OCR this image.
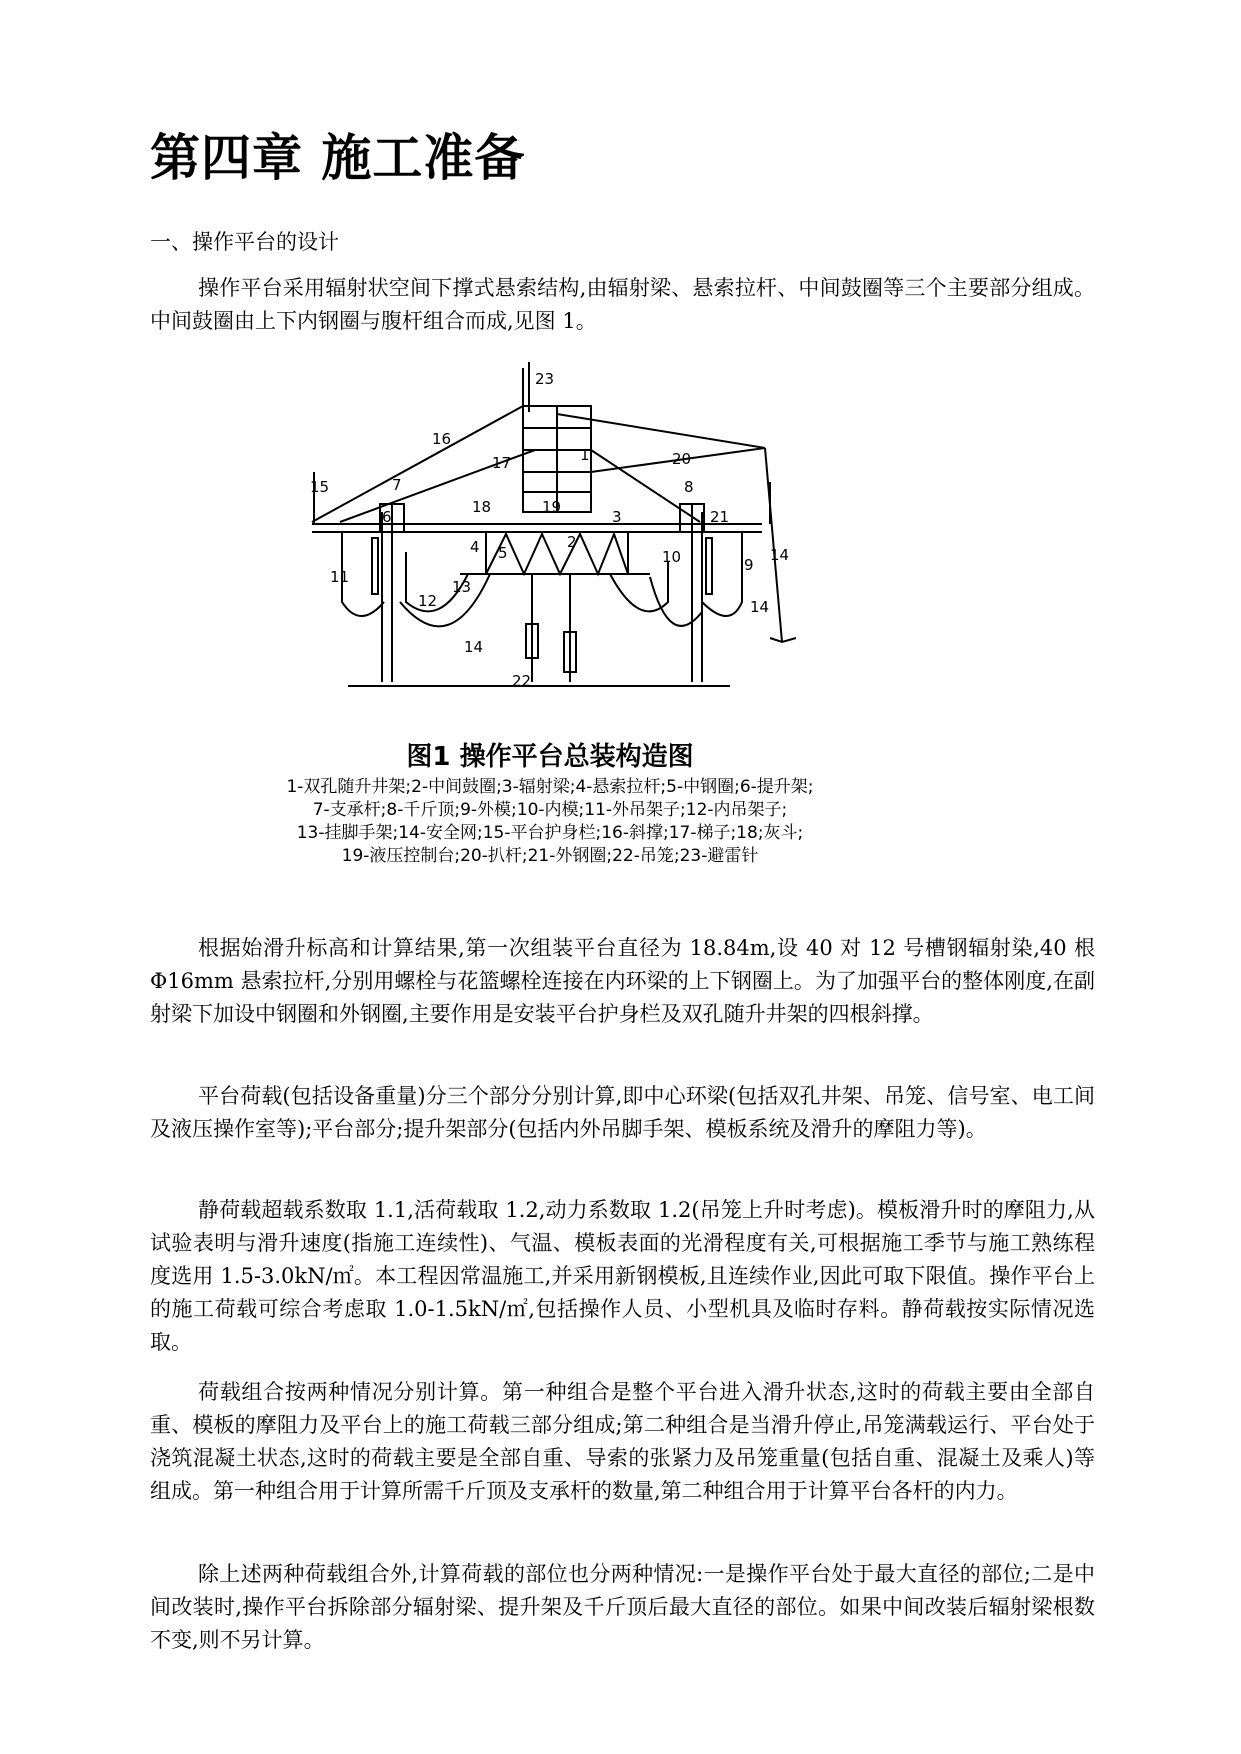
第四章 施工准备

一、操作平台的设计

操作平台采用辐射状空间下撑式悬索结构,由辐射梁、悬索拉杆、中间鼓圈等三个主要部分组成。中间鼓圈由上下内钢圈与腹杆组合而成,见图 1。

23
1
2
3
4 5
6
7	8
9
10
11
12
13
14
14
14
15
16
17
18	19
20
21
22

图1 操作平台总装构造图

1-双孔随升井架;2-中间鼓圈;3-辐射梁;4-悬索拉杆;5-中钢圈;6-提升架;

7-支承杆;8-千斤顶;9-外模;10-内模;11-外吊架子;12-内吊架子;

13-挂脚手架;14-安全网;15-平台护身栏;16-斜撑;17-梯子;18;灰斗;

19-液压控制台;20-扒杆;21-外钢圈;22-吊笼;23-避雷针

根据始滑升标高和计算结果,第一次组装平台直径为 18.84m,设 40 对 12 号槽钢辐射染,40 根 Φ16mm 悬索拉杆,分别用螺栓与花篮螺栓连接在内环梁的上下钢圈上。为了加强平台的整体刚度,在副射梁下加设中钢圈和外钢圈,主要作用是安装平台护身栏及双孔随升井架的四根斜撑。

平台荷载(包括设备重量)分三个部分分别计算,即中心环梁(包括双孔井架、吊笼、信号室、电工间及液压操作室等);平台部分;提升架部分(包括内外吊脚手架、模板系统及滑升的摩阻力等)。

静荷载超载系数取 1.1,活荷载取 1.2,动力系数取 1.2(吊笼上升时考虑)。模板滑升时的摩阻力,从试验表明与滑升速度(指施工连续性)、气温、模板表面的光滑程度有关,可根据施工季节与施工熟练程度选用 1.5-3.0kN/㎡。本工程因常温施工,并采用新钢模板,且连续作业,因此可取下限值。操作平台上的施工荷载可综合考虑取 1.0-1.5kN/㎡,包括操作人员、小型机具及临时存料。静荷载按实际情况选取。

荷载组合按两种情况分别计算。第一种组合是整个平台进入滑升状态,这时的荷载主要由全部自重、模板的摩阻力及平台上的施工荷载三部分组成;第二种组合是当滑升停止,吊笼满载运行、平台处于浇筑混凝土状态,这时的荷载主要是全部自重、导索的张紧力及吊笼重量(包括自重、混凝土及乘人)等组成。第一种组合用于计算所需千斤顶及支承杆的数量,第二种组合用于计算平台各杆的内力。

除上述两种荷载组合外,计算荷载的部位也分两种情况:一是操作平台处于最大直径的部位;二是中间改装时,操作平台拆除部分辐射梁、提升架及千斤顶后最大直径的部位。如果中间改装后辐射梁根数不变,则不另计算。
